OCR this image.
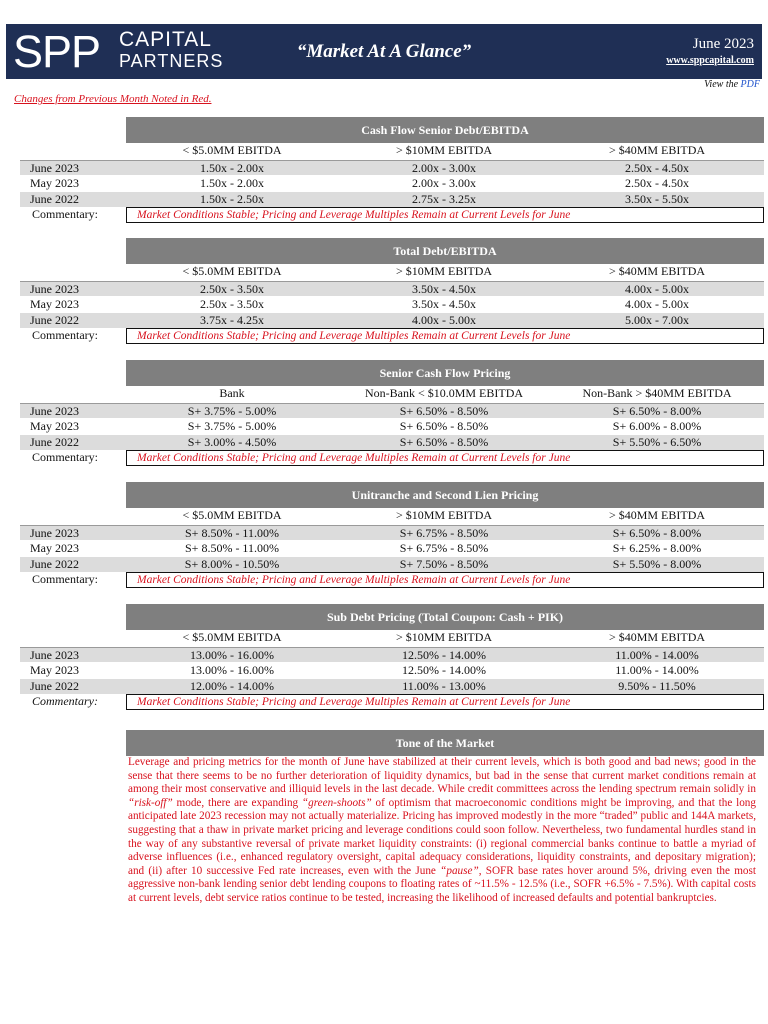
SPP CAPITAL
PARTNERS	“Market At A Glance”	June 2023
www.sppcapital.com
View the PDF
Changes from Previous Month Noted in Red.
Cash Flow Senior Debt/EBITDA
< $5.0MM EBITDA	> $10MM EBITDA	> $40MM EBITDA
June 2023	1.50x - 2.00x	2.00x - 3.00x	2.50x - 4.50x
May 2023	1.50x - 2.00x	2.00x - 3.00x	2.50x - 4.50x
June 2022	1.50x - 2.50x	2.75x - 3.25x	3.50x - 5.50x
Commentary:	Market Conditions Stable; Pricing and Leverage Multiples Remain at Current Levels for June
Total Debt/EBITDA
< $5.0MM EBITDA	> $10MM EBITDA	> $40MM EBITDA
June 2023	2.50x - 3.50x	3.50x - 4.50x	4.00x - 5.00x
May 2023	2.50x - 3.50x	3.50x - 4.50x	4.00x - 5.00x
June 2022	3.75x - 4.25x	4.00x - 5.00x	5.00x - 7.00x
Commentary:	Market Conditions Stable; Pricing and Leverage Multiples Remain at Current Levels for June
Senior Cash Flow Pricing
Bank	Non-Bank < $10.0MM EBITDA	Non-Bank > $40MM EBITDA
June 2023	S+ 3.75% - 5.00%	S+ 6.50% - 8.50%	S+ 6.50% - 8.00%
May 2023	S+ 3.75% - 5.00%	S+ 6.50% - 8.50%	S+ 6.00% - 8.00%
June 2022	S+ 3.00% - 4.50%	S+ 6.50% - 8.50%	S+ 5.50% - 6.50%
Commentary:	Market Conditions Stable; Pricing and Leverage Multiples Remain at Current Levels for June
Unitranche and Second Lien Pricing
< $5.0MM EBITDA	> $10MM EBITDA	> $40MM EBITDA
June 2023	S+ 8.50% - 11.00%	S+ 6.75% - 8.50%	S+ 6.50% - 8.00%
May 2023	S+ 8.50% - 11.00%	S+ 6.75% - 8.50%	S+ 6.25% - 8.00%
June 2022	S+ 8.00% - 10.50%	S+ 7.50% - 8.50%	S+ 5.50% - 8.00%
Commentary:	Market Conditions Stable; Pricing and Leverage Multiples Remain at Current Levels for June
Sub Debt Pricing (Total Coupon: Cash + PIK)
< $5.0MM EBITDA	> $10MM EBITDA	> $40MM EBITDA
June 2023	13.00% - 16.00%	12.50% - 14.00%	11.00% - 14.00%
May 2023	13.00% - 16.00%	12.50% - 14.00%	11.00% - 14.00%
June 2022	12.00% - 14.00%	11.00% - 13.00%	9.50% - 11.50%
Commentary:	Market Conditions Stable; Pricing and Leverage Multiples Remain at Current Levels for June
Tone of the Market
Leverage and pricing metrics for the month of June have stabilized at their current levels, which is both good and bad news; good in the sense that there seems to be no further deterioration of liquidity dynamics, but bad in the sense that current market conditions remain at among their most conservative and illiquid levels in the last decade. While credit committees across the lending spectrum remain solidly in “risk-off” mode, there are expanding “green-shoots” of optimism that macroeconomic conditions might be improving, and that the long anticipated late 2023 recession may not actually materialize. Pricing has improved modestly in the more “traded” public and 144A markets, suggesting that a thaw in private market pricing and leverage conditions could soon follow. Nevertheless, two fundamental hurdles stand in the way of any substantive reversal of private market liquidity constraints: (i) regional commercial banks continue to battle a myriad of adverse influences (i.e., enhanced regulatory oversight, capital adequacy considerations, liquidity constraints, and depositary migration); and (ii) after 10 successive Fed rate increases, even with the June “pause”, SOFR base rates hover around 5%, driving even the most aggressive non-bank lending senior debt lending coupons to floating rates of ~11.5% - 12.5% (i.e., SOFR +6.5% - 7.5%). With capital costs at current levels, debt service ratios continue to be tested, increasing the likelihood of increased defaults and potential bankruptcies.
